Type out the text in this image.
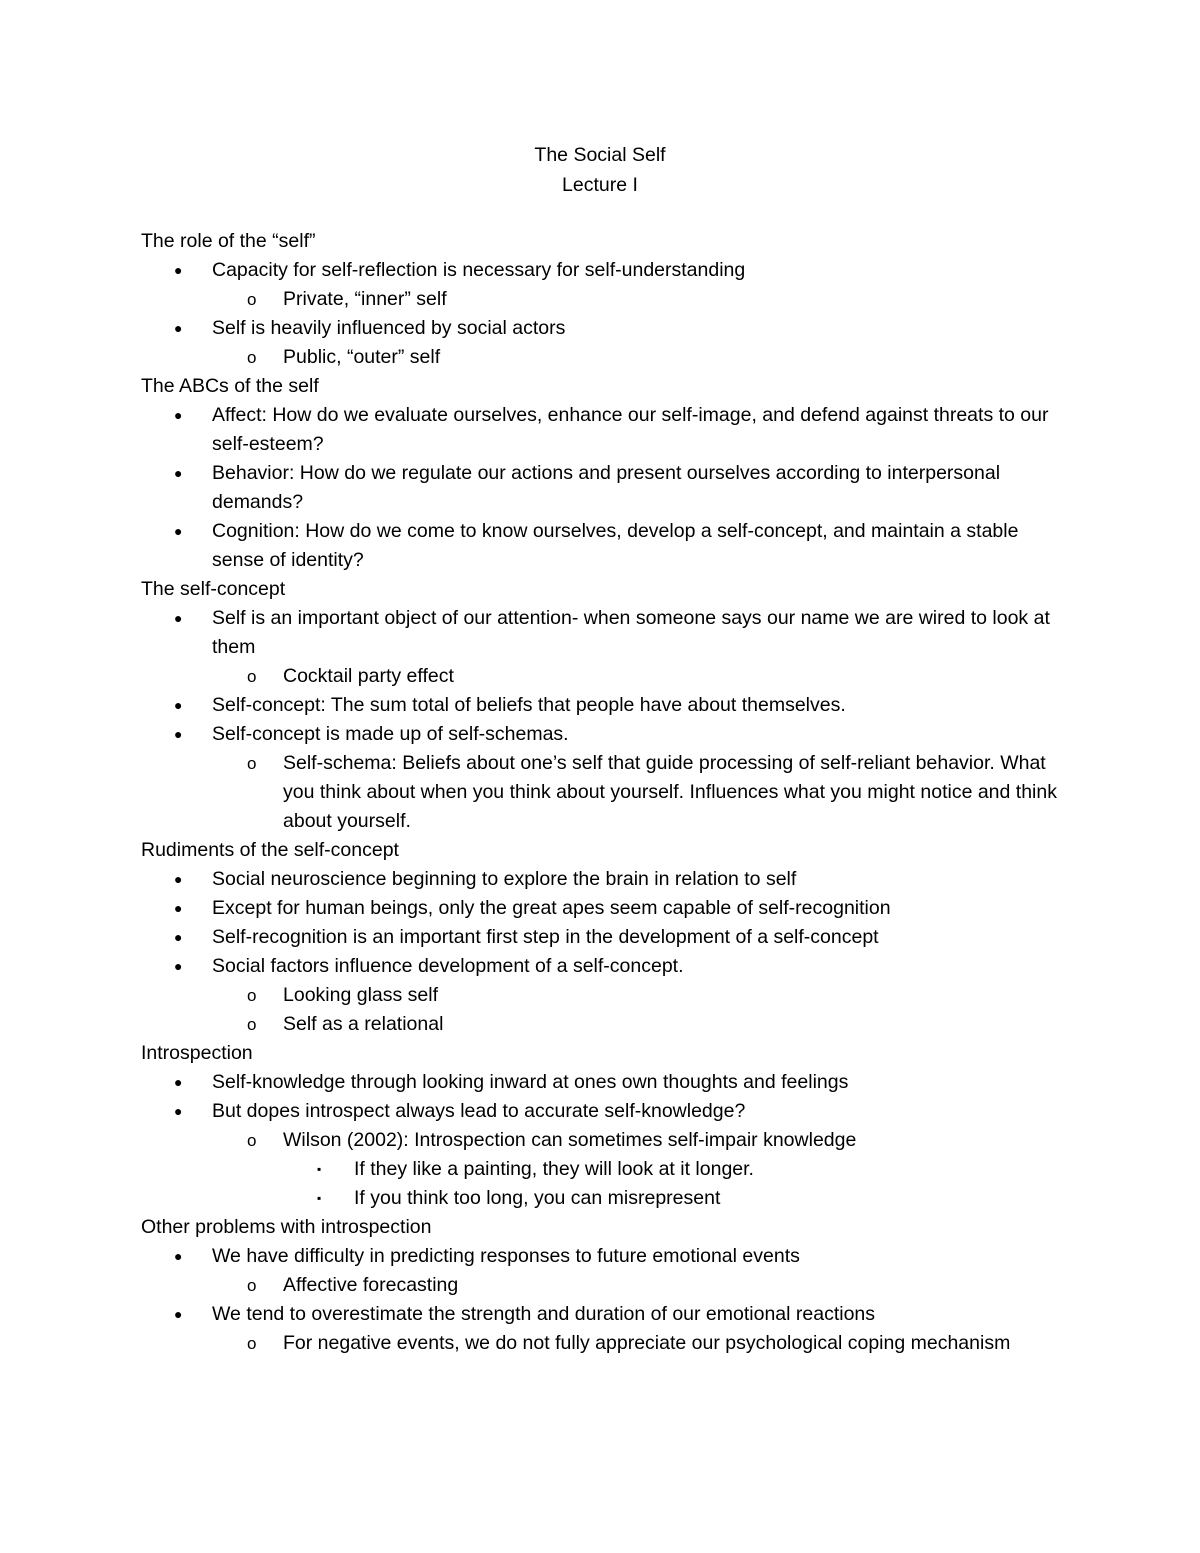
The Social Self
Lecture I
The role of the “self”
● Capacity for self-reflection is necessary for self-understanding
o Private, “inner” self
● Self is heavily influenced by social actors
o Public, “outer” self
The ABCs of the self
● Affect: How do we evaluate ourselves, enhance our self-image, and defend against threats to our self-esteem?
● Behavior: How do we regulate our actions and present ourselves according to interpersonal demands?
● Cognition: How do we come to know ourselves, develop a self-concept, and maintain a stable sense of identity?
The self-concept
● Self is an important object of our attention- when someone says our name we are wired to look at them
o Cocktail party effect
● Self-concept: The sum total of beliefs that people have about themselves.
● Self-concept is made up of self-schemas.
o Self-schema: Beliefs about one’s self that guide processing of self-reliant behavior. What you think about when you think about yourself. Influences what you might notice and think about yourself.
Rudiments of the self-concept
● Social neuroscience beginning to explore the brain in relation to self
● Except for human beings, only the great apes seem capable of self-recognition
● Self-recognition is an important first step in the development of a self-concept
● Social factors influence development of a self-concept.
o Looking glass self
o Self as a relational
Introspection
● Self-knowledge through looking inward at ones own thoughts and feelings
● But dopes introspect always lead to accurate self-knowledge?
o Wilson (2002): Introspection can sometimes self-impair knowledge
▪ If they like a painting, they will look at it longer.
▪ If you think too long, you can misrepresent
Other problems with introspection
● We have difficulty in predicting responses to future emotional events
o Affective forecasting
● We tend to overestimate the strength and duration of our emotional reactions
o For negative events, we do not fully appreciate our psychological coping mechanism
